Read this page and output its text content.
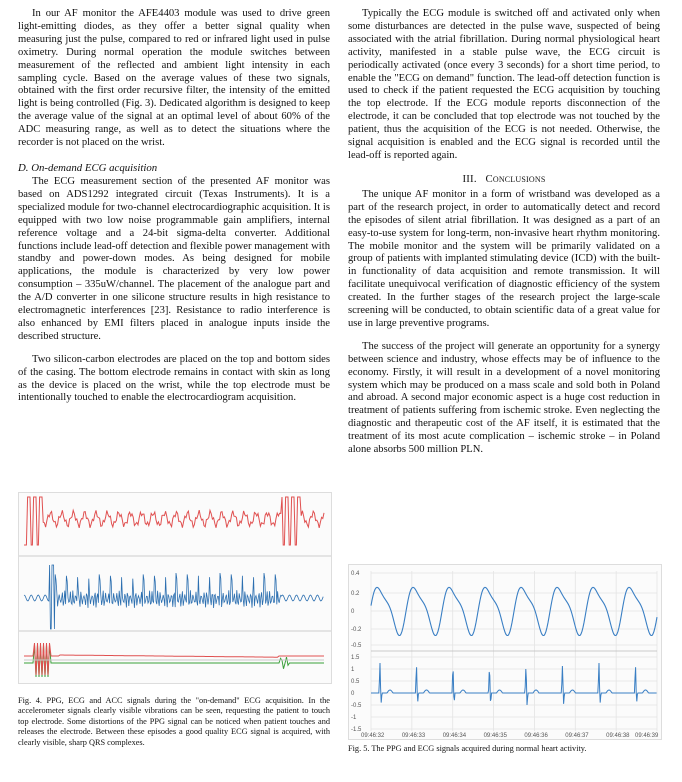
In our AF monitor the AFE4403 module was used to drive green light-emitting diodes, as they offer a better signal quality when measuring just the pulse, compared to red or infrared light used in pulse oximetry. During normal operation the module switches between measurement of the reflected and ambient light intensity in each sampling cycle. Based on the average values of these two signals, obtained with the first order recursive filter, the intensity of the emitted light is being controlled (Fig. 3). Dedicated algorithm is designed to keep the average value of the signal at an optimal level of about 60% of the ADC measuring range, as well as to detect the situations where the recorder is not placed on the wrist.

D. On-demand ECG acquisition

The ECG measurement section of the presented AF monitor was based on ADS1292 integrated circuit (Texas Instruments). It is a specialized module for two-channel electrocardiographic acquisition. It is equipped with two low noise programmable gain amplifiers, internal reference voltage and a 24-bit sigma-delta converter. Additional functions include lead-off detection and flexible power management with standby and power-down modes. As being designed for mobile applications, the module is characterized by very low power consumption – 335uW/channel. The placement of the analogue part and the A/D converter in one silicone structure results in high resistance to electromagnetic interferences [23]. Resistance to radio interference is also enhanced by EMI filters placed in analogue inputs inside the described structure.

Two silicon-carbon electrodes are placed on the top and bottom sides of the casing. The bottom electrode remains in contact with skin as long as the device is placed on the wrist, while the top electrode must be intentionally touched to enable the electrocardiogram acquisition.

Typically the ECG module is switched off and activated only when some disturbances are detected in the pulse wave, suspected of being associated with the atrial fibrillation. During normal physiological heart activity, manifested in a stable pulse wave, the ECG circuit is periodically activated (once every 3 seconds) for a short time period, to enable the "ECG on demand" function. The lead-off detection function is used to check if the patient requested the ECG acquisition by touching the top electrode. If the ECG module reports disconnection of the electrode, it can be concluded that top electrode was not touched by the patient, thus the acquisition of the ECG is not needed. Otherwise, the signal acquisition is enabled and the ECG signal is recorded until the lead-off is reported again.

III. Conclusions

The unique AF monitor in a form of wristband was developed as a part of the research project, in order to automatically detect and record the episodes of silent atrial fibrillation. It was designed as a part of an easy-to-use system for long-term, non-invasive heart rhythm monitoring. The mobile monitor and the system will be primarily validated on a group of patients with implanted stimulating device (ICD) with the built-in functionality of data acquisition and remote transmission. It will facilitate unequivocal verification of diagnostic efficiency of the system created. In the further stages of the research project the large-scale screening will be conducted, to obtain scientific data of a great value for use in large preventive programs.

The success of the project will generate an opportunity for a synergy between science and industry, whose effects may be of influence to the economy. Firstly, it will result in a development of a novel monitoring system which may be produced on a mass scale and sold both in Poland and abroad. A second major economic aspect is a huge cost reduction in treatment of patients suffering from ischemic stroke. Even neglecting the diagnostic and therapeutic cost of the AF itself, it is estimated that the treatment of its most acute complication – ischemic stroke – in Poland alone absorbs 500 million PLN.

Fig. 4. PPG, ECG and ACC signals during the "on-demand" ECG acquisition. In the accelerometer signals clearly visible vibrations can be seen, requesting the patient to touch top electrode. Some distortions of the PPG signal can be noticed when patient touches and releases the electrode. Between these episodes a good quality ECG signal is acquired, with clearly visible, sharp QRS complexes.
0.4
0.2
0
-0.2
-0.5
1.5
1
0.5
0
-0.5
-1
-1.5
09:46:32	09:46:33	09:46:34	09:46:35	09:46:36	09:46:37	09:46:38 09:46:39
Fig. 5. The PPG and ECG signals acquired during normal heart activity.
